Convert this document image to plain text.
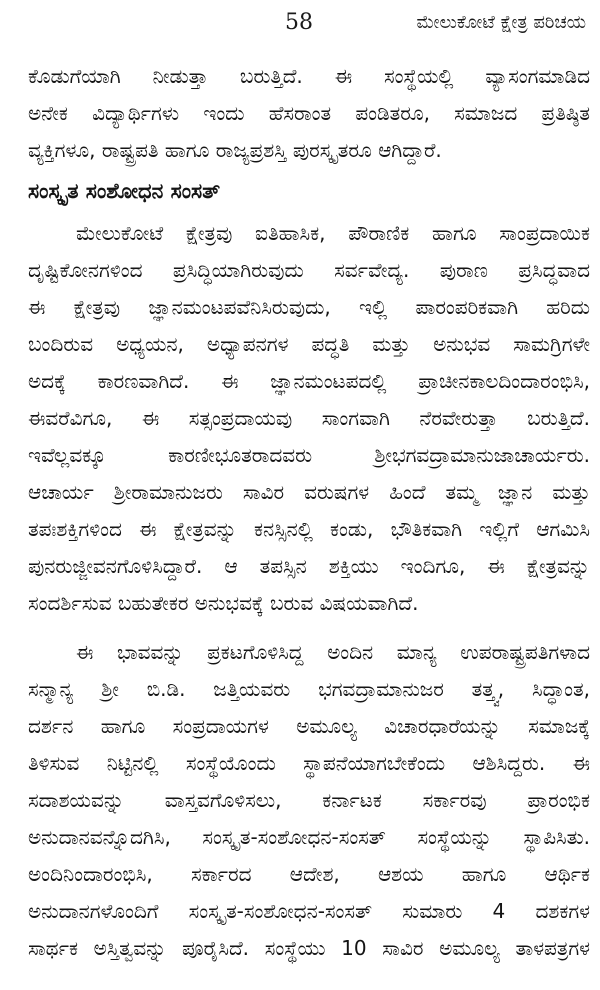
58	ಮೇಲುಕೋಟೆ ಕ್ಷೇತ್ರ ಪರಿಚಯ
ಕೊಡುಗೆಯಾಗಿ ನೀಡುತ್ತಾ ಬರುತ್ತಿದೆ. ಈ ಸಂಸ್ಥೆಯಲ್ಲಿ ವ್ಯಾಸಂಗಮಾಡಿದ
ಅನೇಕ ವಿದ್ಯಾರ್ಥಿಗಳು ಇಂದು ಹೆಸರಾಂತ ಪಂಡಿತರೂ, ಸಮಾಜದ ಪ್ರತಿಷ್ಠಿತ
ವ್ಯಕ್ತಿಗಳೂ, ರಾಷ್ಟ್ರಪತಿ ಹಾಗೂ ರಾಜ್ಯಪ್ರಶಸ್ತಿ ಪುರಸ್ಕೃತರೂ ಆಗಿದ್ದಾರೆ.
ಸಂಸ್ಕೃತ ಸಂಶೋಧನ ಸಂಸತ್
ಮೇಲುಕೋಟೆ ಕ್ಷೇತ್ರವು ಐತಿಹಾಸಿಕ, ಪೌರಾಣಿಕ ಹಾಗೂ ಸಾಂಪ್ರದಾಯಿಕ
ದೃಷ್ಟಿಕೋನಗಳಿಂದ ಪ್ರಸಿದ್ಧಿಯಾಗಿರುವುದು ಸರ್ವವೇದ್ಯ. ಪುರಾಣ ಪ್ರಸಿದ್ಧವಾದ
ಈ ಕ್ಷೇತ್ರವು ಜ್ಞಾನಮಂಟಪವೆನಿಸಿರುವುದು, ಇಲ್ಲಿ ಪಾರಂಪರಿಕವಾಗಿ ಹರಿದು
ಬಂದಿರುವ ಅಧ್ಯಯನ, ಅಧ್ಯಾಪನಗಳ ಪದ್ಧತಿ ಮತ್ತು ಅನುಭವ ಸಾಮಗ್ರಿಗಳೇ
ಅದಕ್ಕೆ ಕಾರಣವಾಗಿದೆ. ಈ ಜ್ಞಾನಮಂಟಪದಲ್ಲಿ ಪ್ರಾಚೀನಕಾಲದಿಂದಾರಂಭಿಸಿ,
ಈವರೆವಿಗೂ, ಈ ಸತ್ಸಂಪ್ರದಾಯವು ಸಾಂಗವಾಗಿ ನೆರವೇರುತ್ತಾ ಬರುತ್ತಿದೆ.
ಇವೆಲ್ಲವಕ್ಕೂ ಕಾರಣೀಭೂತರಾದವರು ಶ್ರೀಭಗವದ್ರಾಮಾನುಜಾಚಾರ್ಯರು.
ಆಚಾರ್ಯ ಶ್ರೀರಾಮಾನುಜರು ಸಾವಿರ ವರುಷಗಳ ಹಿಂದೆ ತಮ್ಮ ಜ್ಞಾನ ಮತ್ತು
ತಪಃಶಕ್ತಿಗಳಿಂದ ಈ ಕ್ಷೇತ್ರವನ್ನು ಕನಸ್ಸಿನಲ್ಲಿ ಕಂಡು, ಭೌತಿಕವಾಗಿ ಇಲ್ಲಿಗೆ ಆಗಮಿಸಿ
ಪುನರುಜ್ಜೀವನಗೊಳಿಸಿದ್ದಾರೆ. ಆ ತಪಸ್ಸಿನ ಶಕ್ತಿಯು ಇಂದಿಗೂ, ಈ ಕ್ಷೇತ್ರವನ್ನು
ಸಂದರ್ಶಿಸುವ ಬಹುತೇಕರ ಅನುಭವಕ್ಕೆ ಬರುವ ವಿಷಯವಾಗಿದೆ.
ಈ ಭಾವವನ್ನು ಪ್ರಕಟಗೊಳಿಸಿದ್ದ ಅಂದಿನ ಮಾನ್ಯ ಉಪರಾಷ್ಟ್ರಪತಿಗಳಾದ
ಸನ್ಮಾನ್ಯ ಶ್ರೀ ಬಿ.ಡಿ. ಜತ್ತಿಯವರು ಭಗವದ್ರಾಮಾನುಜರ ತತ್ತ್ವ, ಸಿದ್ಧಾಂತ,
ದರ್ಶನ ಹಾಗೂ ಸಂಪ್ರದಾಯಗಳ ಅಮೂಲ್ಯ ವಿಚಾರಧಾರೆಯನ್ನು ಸಮಾಜಕ್ಕೆ
ತಿಳಿಸುವ ನಿಟ್ಟಿನಲ್ಲಿ ಸಂಸ್ಥೆಯೊಂದು ಸ್ಥಾಪನೆಯಾಗಬೇಕೆಂದು ಆಶಿಸಿದ್ದರು. ಈ
ಸದಾಶಯವನ್ನು ವಾಸ್ತವಗೊಳಿಸಲು, ಕರ್ನಾಟಕ ಸರ್ಕಾರವು ಪ್ರಾರಂಭಿಕ
ಅನುದಾನವನ್ನೊದಗಿಸಿ, ಸಂಸ್ಕೃತ-ಸಂಶೋಧನ-ಸಂಸತ್ ಸಂಸ್ಥೆಯನ್ನು ಸ್ಥಾಪಿಸಿತು.
ಅಂದಿನಿಂದಾರಂಭಿಸಿ, ಸರ್ಕಾರದ ಆದೇಶ, ಆಶಯ ಹಾಗೂ ಆರ್ಥಿಕ
ಅನುದಾನಗಳೊಂದಿಗೆ ಸಂಸ್ಕೃತ-ಸಂಶೋಧನ-ಸಂಸತ್ ಸುಮಾರು 4 ದಶಕಗಳ
ಸಾರ್ಥಕ ಅಸ್ತಿತ್ವವನ್ನು ಪೂರೈಸಿದೆ. ಸಂಸ್ಥೆಯು 10 ಸಾವಿರ ಅಮೂಲ್ಯ ತಾಳಪತ್ರಗಳ
